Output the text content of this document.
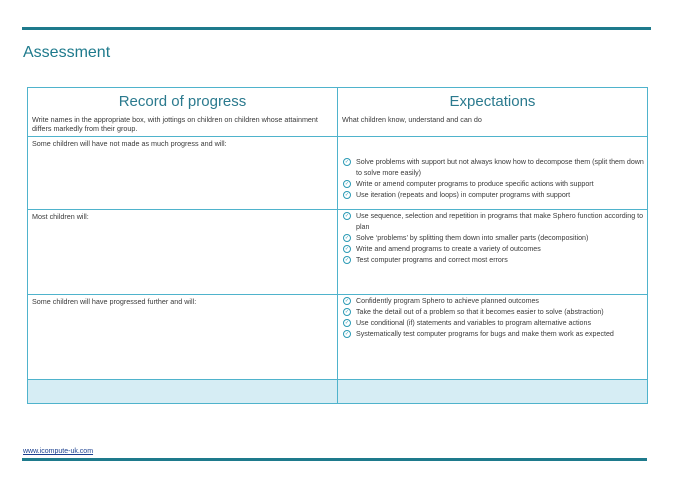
Assessment
Record of progress
Write names in the appropriate box, with jottings on children on children whose attainment differs markedly from their group.
Expectations
What children know, understand and can do
Some children will have not made as much progress and will:
✓ Solve problems with support but not always know how to decompose them (split them down to solve more easily)
✓ Write or amend computer programs to produce specific actions with support
✓ Use iteration (repeats and loops) in computer programs with support
Most children will:	✓ Use sequence, selection and repetition in programs that make Sphero function according to plan
✓ Solve ‘problems’ by splitting them down into smaller parts (decomposition)
✓ Write and amend programs to create a variety of outcomes
✓ Test computer programs and correct most errors
Some children will have progressed further and will:	✓ Confidently program Sphero to achieve planned outcomes
✓ Take the detail out of a problem so that it becomes easier to solve (abstraction)
✓ Use conditional (if) statements and variables to program alternative actions
✓ Systematically test computer programs for bugs and make them work as expected
www.icompute-uk.com
